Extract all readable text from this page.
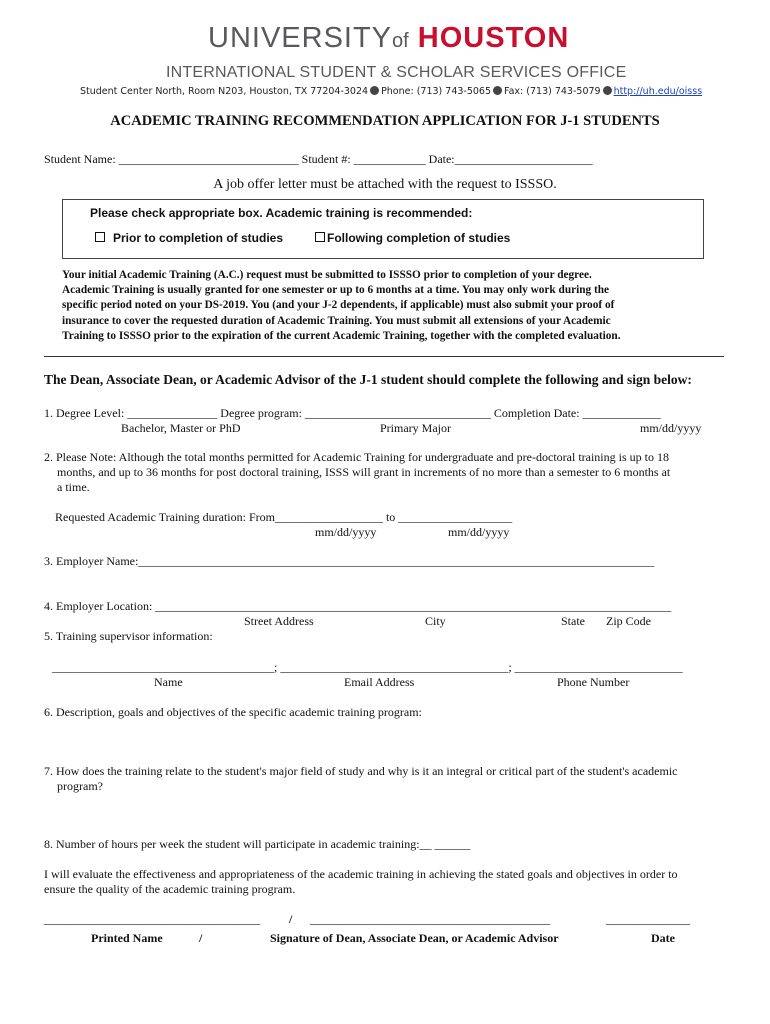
UNIVERSITYof HOUSTON
INTERNATIONAL STUDENT & SCHOLAR SERVICES OFFICE
Student Center North, Room N203, Houston, TX 77204-3024 Phone: (713) 743-5065 Fax: (713) 743-5079 http://uh.edu/oisss
ACADEMIC TRAINING RECOMMENDATION APPLICATION FOR J-1 STUDENTS
Student Name: ______________________________ Student #: ____________ Date:_______________________
A job offer letter must be attached with the request to ISSSO.
Please check appropriate box. Academic training is recommended:
Prior to completion of studies	Following completion of studies
Your initial Academic Training (A.C.) request must be submitted to ISSSO prior to completion of your degree.
Academic Training is usually granted for one semester or up to 6 months at a time. You may only work during the
specific period noted on your DS-2019. You (and your J-2 dependents, if applicable) must also submit your proof of
insurance to cover the requested duration of Academic Training. You must submit all extensions of your Academic
Training to ISSSO prior to the expiration of the current Academic Training, together with the completed evaluation.
The Dean, Associate Dean, or Academic Advisor of the J-1 student should complete the following and sign below:
1. Degree Level: _______________ Degree program: _______________________________ Completion Date: _____________
Bachelor, Master or PhD	Primary Major	mm/dd/yyyy
2. Please Note: Although the total months permitted for Academic Training for undergraduate and pre-doctoral training is up to 18
months, and up to 36 months for post doctoral training, ISSS will grant in increments of no more than a semester to 6 months at
a time.
Requested Academic Training duration: From__________________ to ___________________
mm/dd/yyyy	mm/dd/yyyy
3. Employer Name:______________________________________________________________________________________
4. Employer Location: ______________________________________________________________________________________
Street Address	City	State Zip Code
5. Training supervisor information:
_____________________________________; ______________________________________; ____________________________
Name	Email Address	Phone Number
6. Description, goals and objectives of the specific academic training program:
7. How does the training relate to the student's major field of study and why is it an integral or critical part of the student's academic
program?
8. Number of hours per week the student will participate in academic training:__ ______
I will evaluate the effectiveness and appropriateness of the academic training in achieving the stated goals and objectives in order to
ensure the quality of the academic training program.
____________________________________ / ________________________________________	______________
Printed Name	/	Signature of Dean, Associate Dean, or Academic Advisor	Date
